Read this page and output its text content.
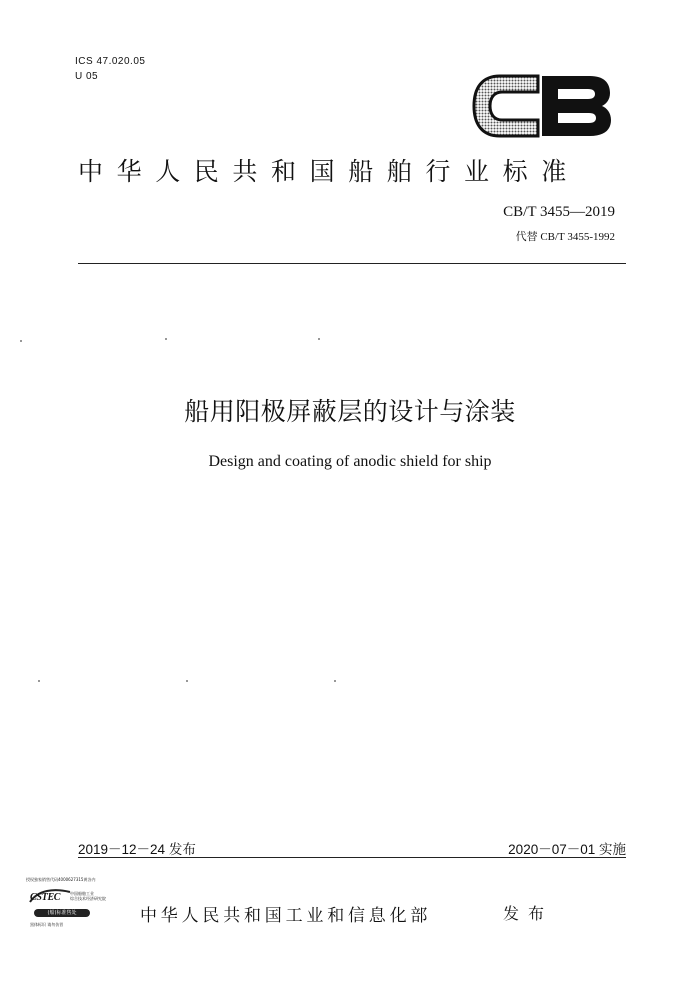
ICS 47.020.05
U 05
中华人民共和国船舶行业标准
CB/T 3455—2019
代替 CB/T 3455-1992
船用阳极屏蔽层的设计与涂装
Design and coating of anodic shield for ship
2019－12－24 发布	2020－07－01 实施
授权独家销售代码4000627315黄各内
CSTEC 中国船舶工业
综合技术经济研究院
(船)标准售处
黑体标识 请勿仿冒	中华人民共和国工业和信息化部	发布
